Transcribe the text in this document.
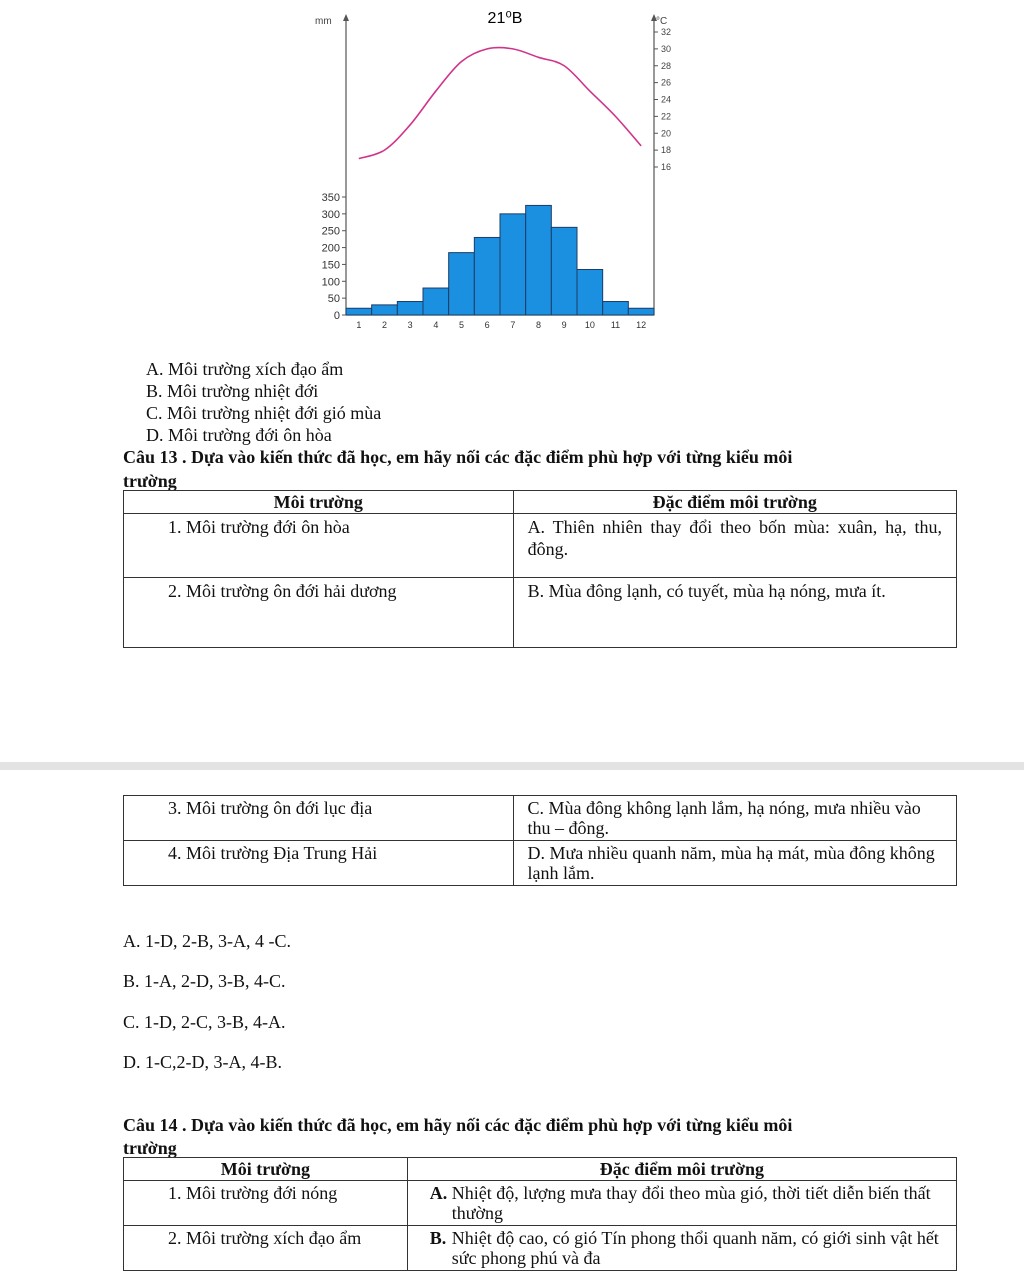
21⁰B
mm	°C
350
300
250
200
150
100
50
0
32
30
28
26
24
22
20
18
16
1 2 3 4 5 6 7 8 9 10 11 12
A. Môi trường xích đạo ẩm
B. Môi trường nhiệt đới
C. Môi trường nhiệt đới gió mùa
D. Môi trường đới ôn hòa
Câu 13 . Dựa vào kiến thức đã học, em hãy nối các đặc điểm phù hợp với từng kiểu môi
trường
Môi trường	Đặc điểm môi trường
1. Môi trường đới ôn hòa	A. Thiên nhiên thay đổi theo bốn mùa: xuân, hạ, thu, đông.
2. Môi trường ôn đới hải dương	B. Mùa đông lạnh, có tuyết, mùa hạ nóng, mưa ít.
3. Môi trường ôn đới lục địa	C. Mùa đông không lạnh lắm, hạ nóng, mưa nhiều vào thu – đông.
4. Môi trường Địa Trung Hải	D. Mưa nhiều quanh năm, mùa hạ mát, mùa đông không lạnh lắm.
A. 1-D, 2-B, 3-A, 4 -C.
B. 1-A, 2-D, 3-B, 4-C.
C. 1-D, 2-C, 3-B, 4-A.
D. 1-C,2-D, 3-A, 4-B.
Câu 14 . Dựa vào kiến thức đã học, em hãy nối các đặc điểm phù hợp với từng kiểu môi
trường
Môi trường	Đặc điểm môi trường
1. Môi trường đới nóng	A. Nhiệt độ, lượng mưa thay đổi theo mùa gió, thời tiết diễn biến thất thường
2. Môi trường xích đạo ẩm	B. Nhiệt độ cao, có gió Tín phong thổi quanh năm, có giới sinh vật hết sức phong phú và đa
